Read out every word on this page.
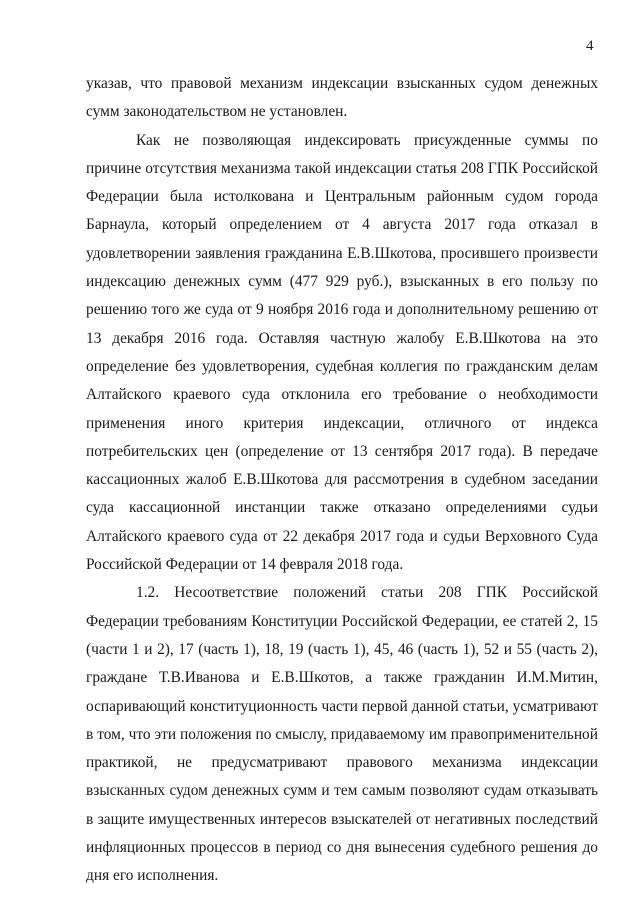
4

указав, что правовой механизм индексации взысканных судом денежных сумм законодательством не установлен.

Как не позволяющая индексировать присужденные суммы по причине отсутствия механизма такой индексации статья 208 ГПК Российской Федерации была истолкована и Центральным районным судом города Барнаула, который определением от 4 августа 2017 года отказал в удовлетворении заявления гражданина Е.В.Шкотова, просившего произвести индексацию денежных сумм (477 929 руб.), взысканных в его пользу по решению того же суда от 9 ноября 2016 года и дополнительному решению от 13 декабря 2016 года. Оставляя частную жалобу Е.В.Шкотова на это определение без удовлетворения, судебная коллегия по гражданским делам Алтайского краевого суда отклонила его требование о необходимости применения иного критерия индексации, отличного от индекса потребительских цен (определение от 13 сентября 2017 года). В передаче кассационных жалоб Е.В.Шкотова для рассмотрения в судебном заседании суда кассационной инстанции также отказано определениями судьи Алтайского краевого суда от 22 декабря 2017 года и судьи Верховного Суда Российской Федерации от 14 февраля 2018 года.

1.2. Несоответствие положений статьи 208 ГПК Российской Федерации требованиям Конституции Российской Федерации, ее статей 2, 15 (части 1 и 2), 17 (часть 1), 18, 19 (часть 1), 45, 46 (часть 1), 52 и 55 (часть 2), граждане Т.В.Иванова и Е.В.Шкотов, а также гражданин И.М.Митин, оспаривающий конституционность части первой данной статьи, усматривают в том, что эти положения по смыслу, придаваемому им правоприменительной практикой, не предусматривают правового механизма индексации взысканных судом денежных сумм и тем самым позволяют судам отказывать в защите имущественных интересов взыскателей от негативных последствий инфляционных процессов в период со дня вынесения судебного решения до дня его исполнения.
